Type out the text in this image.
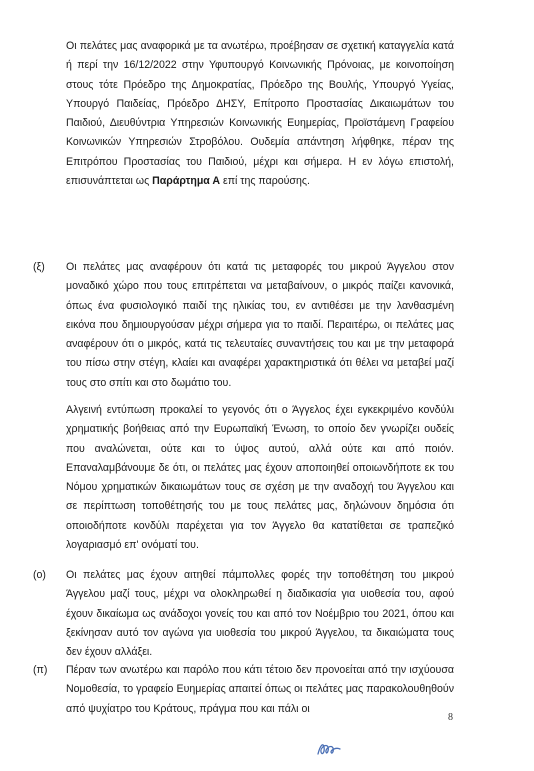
Οι πελάτες μας αναφορικά με τα ανωτέρω, προέβησαν σε σχετική καταγγελία κατά ή περί την 16/12/2022 στην Υφυπουργό Κοινωνικής Πρόνοιας, με κοινοποίηση στους τότε Πρόεδρο της Δημοκρατίας, Πρόεδρο της Βουλής, Υπουργό Υγείας, Υπουργό Παιδείας, Πρόεδρο ΔΗΣΥ, Επίτροπο Προστασίας Δικαιωμάτων του Παιδιού, Διευθύντρια Υπηρεσιών Κοινωνικής Ευημερίας, Προϊστάμενη Γραφείου Κοινωνικών Υπηρεσιών Στροβόλου. Ουδεμία απάντηση λήφθηκε, πέραν της Επιτρόπου Προστασίας του Παιδιού, μέχρι και σήμερα. Η εν λόγω επιστολή, επισυνάπτεται ως Παράρτημα Α επί της παρούσης.

(ξ) Οι πελάτες μας αναφέρουν ότι κατά τις μεταφορές του μικρού Άγγελου στον μοναδικό χώρο που τους επιτρέπεται να μεταβαίνουν, ο μικρός παίζει κανονικά, όπως ένα φυσιολογικό παιδί της ηλικίας του, εν αντιθέσει με την λανθασμένη εικόνα που δημιουργούσαν μέχρι σήμερα για το παιδί. Περαιτέρω, οι πελάτες μας αναφέρουν ότι ο μικρός, κατά τις τελευταίες συναντήσεις του και με την μεταφορά του πίσω στην στέγη, κλαίει και αναφέρει χαρακτηριστικά ότι θέλει να μεταβεί μαζί τους στο σπίτι και στο δωμάτιο του.

Αλγεινή εντύπωση προκαλεί το γεγονός ότι ο Άγγελος έχει εγκεκριμένο κονδύλι χρηματικής βοήθειας από την Ευρωπαϊκή Ένωση, το οποίο δεν γνωρίζει ουδείς που αναλώνεται, ούτε και το ύψος αυτού, αλλά ούτε και από ποιόν. Επαναλαμβάνουμε δε ότι, οι πελάτες μας έχουν αποποιηθεί οποιωνδήποτε εκ του Νόμου χρηματικών δικαιωμάτων τους σε σχέση με την αναδοχή του Άγγελου και σε περίπτωση τοποθέτησής του με τους πελάτες μας, δηλώνουν δημόσια ότι οποιοδήποτε κονδύλι παρέχεται για τον Άγγελο θα κατατίθεται σε τραπεζικό λογαριασμό επ' ονόματί του.

(ο) Οι πελάτες μας έχουν αιτηθεί πάμπολλες φορές την τοποθέτηση του μικρού Άγγελου μαζί τους, μέχρι να ολοκληρωθεί η διαδικασία για υιοθεσία του, αφού έχουν δικαίωμα ως ανάδοχοι γονείς του και από τον Νοέμβριο του 2021, όπου και ξεκίνησαν αυτό τον αγώνα για υιοθεσία του μικρού Άγγελου, τα δικαιώματα τους δεν έχουν αλλάξει.

(π) Πέραν των ανωτέρω και παρόλο που κάτι τέτοιο δεν προνοείται από την ισχύουσα Νομοθεσία, το γραφείο Ευημερίας απαιτεί όπως οι πελάτες μας παρακολουθηθούν από ψυχίατρο του Κράτους, πράγμα που και πάλι οι

8
